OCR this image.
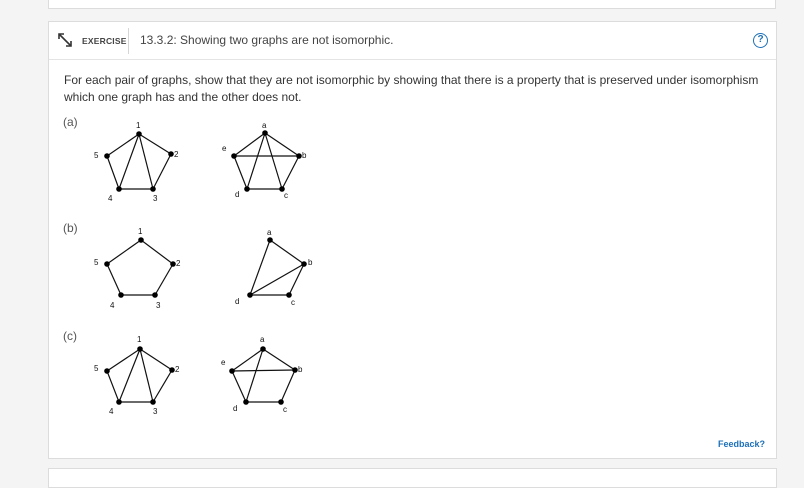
EXERCISE 13.3.2: Showing two graphs are not isomorphic.	?
For each pair of graphs, show that they are not isomorphic by showing that there is a property that is preserved under isomorphism which one graph has and the other does not.
(a)
(b)
(c)
1
2
3
4
5
a
b
c
d
e
1
2
3
4
5
a
b
c
d
1
2
3
4
5
a
b
c
d
e
Feedback?
